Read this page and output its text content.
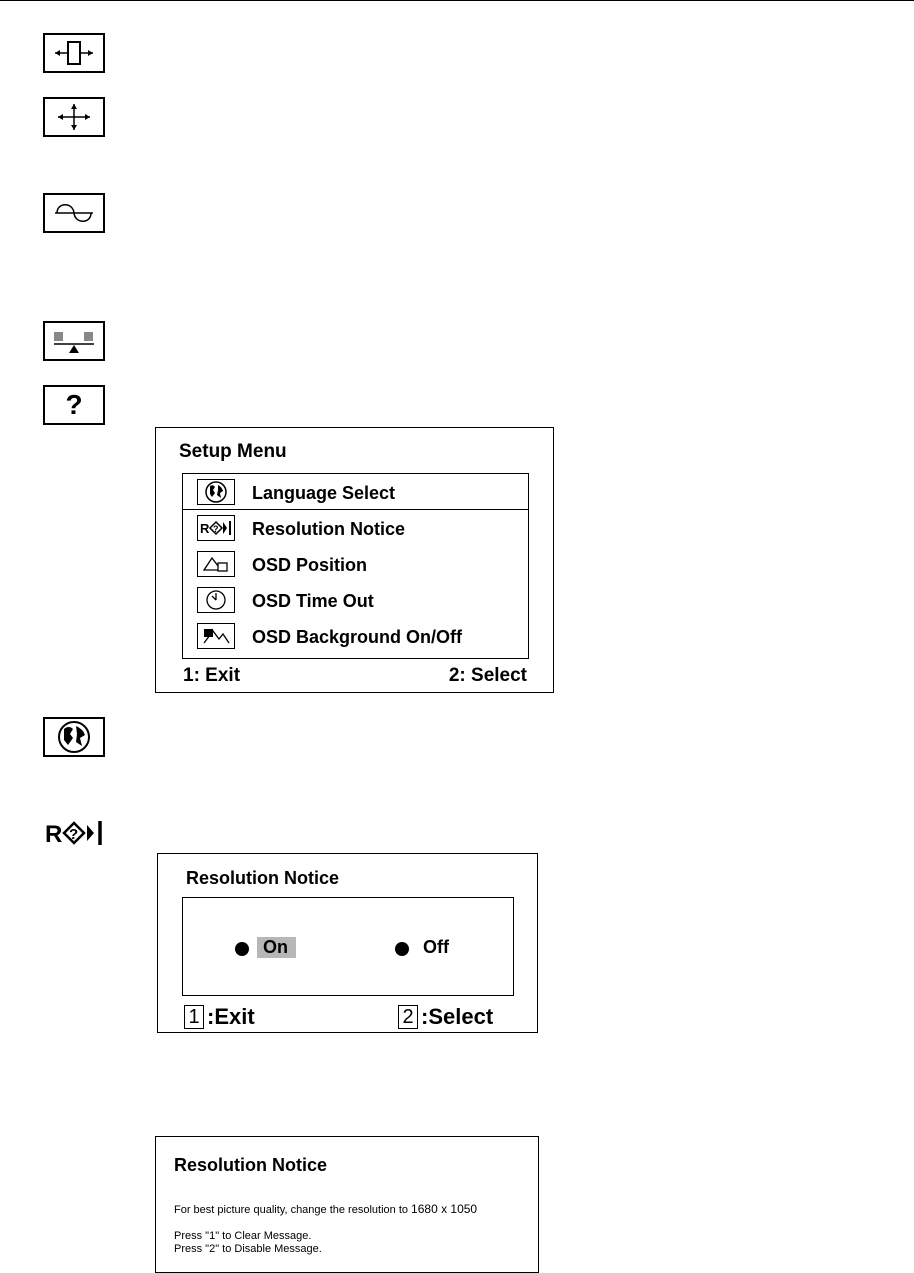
?
Setup Menu
Language Select
R ? Resolution Notice
OSD Position
OSD Time Out
OSD Background On/Off
1: Exit	2: Select
R ?
Resolution Notice
On	Off
1 :Exit	2 :Select
Resolution Notice
For best picture quality, change the resolution to 1680 x 1050
Press "1" to Clear Message.
Press "2" to Disable Message.
